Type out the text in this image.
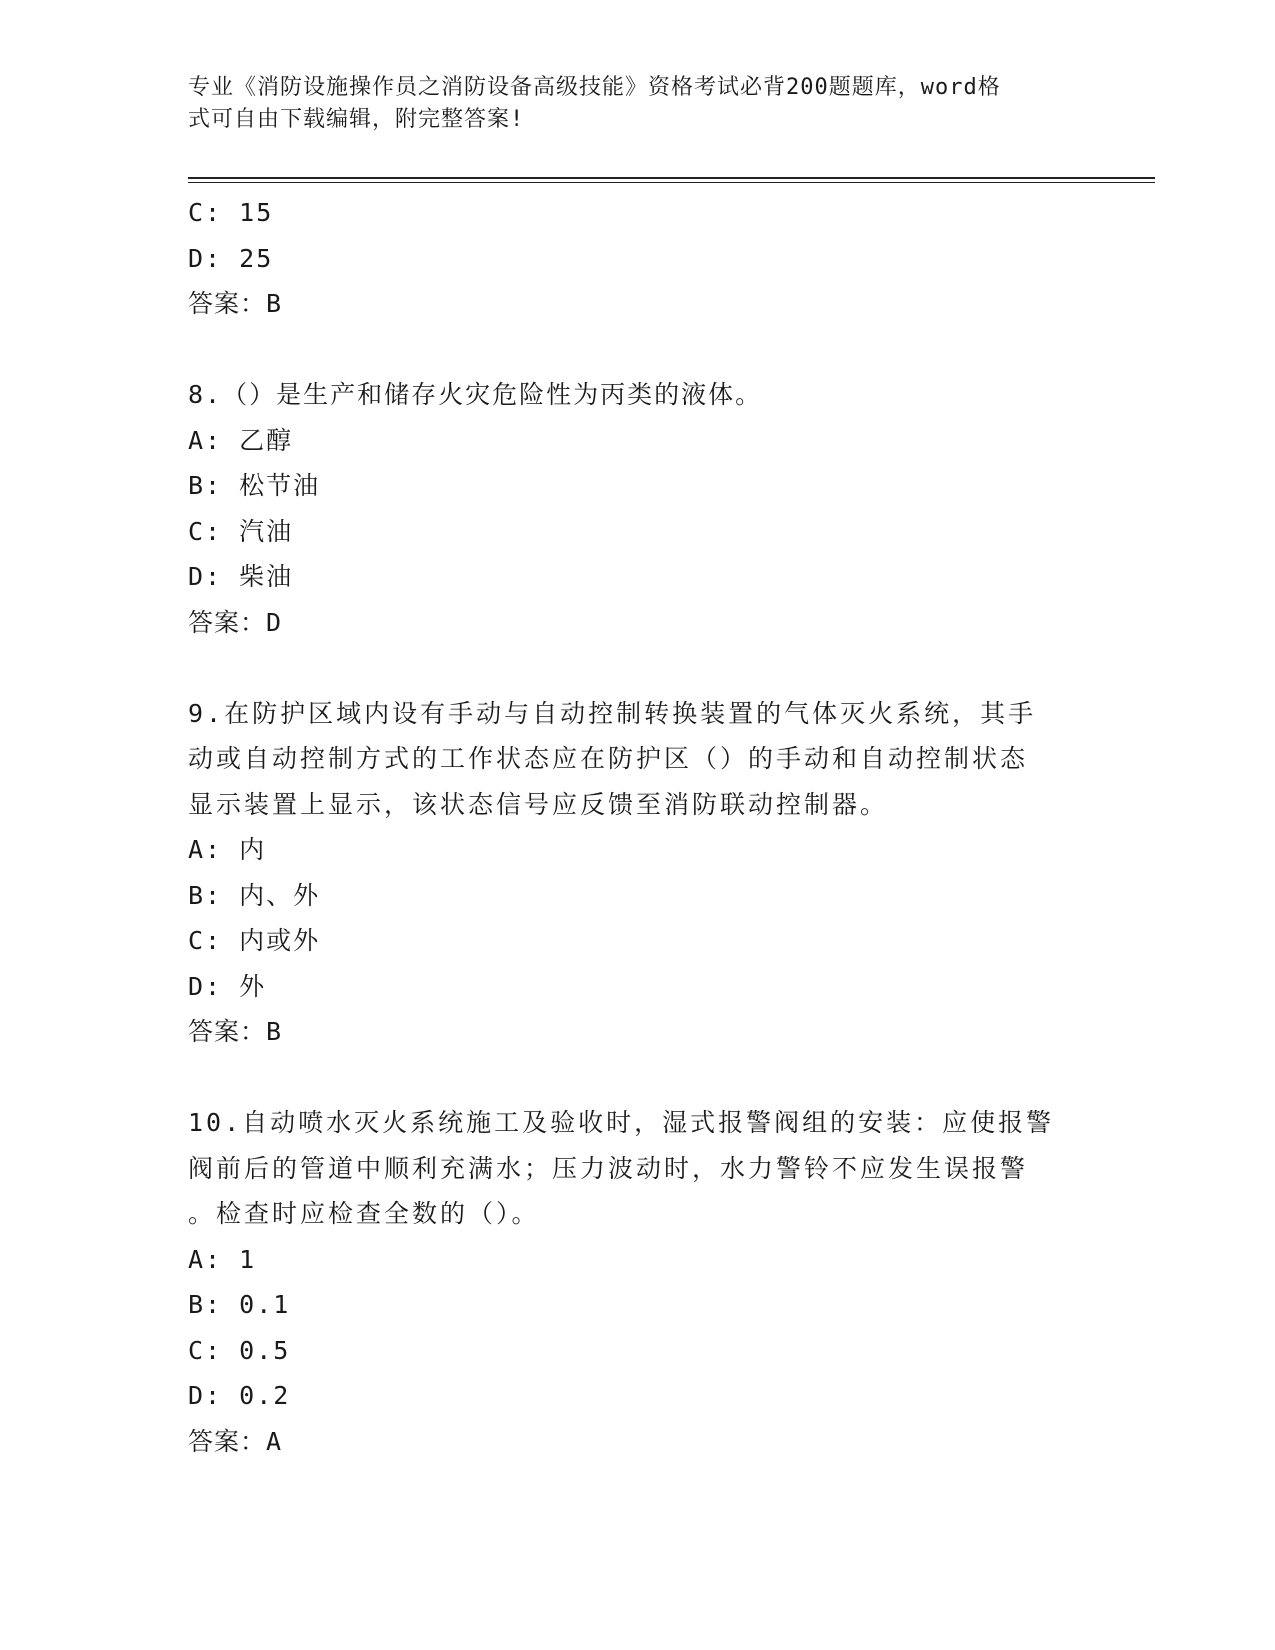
专业《消防设施操作员之消防设备高级技能》资格考试必背200题题库，word格
式可自由下载编辑，附完整答案!
C: 15
D: 25
答案：B
8.（）是生产和储存火灾危险性为丙类的液体。
A: 乙醇
B: 松节油
C: 汽油
D: 柴油
答案：D
9.在防护区域内设有手动与自动控制转换装置的气体灭火系统，其手
动或自动控制方式的工作状态应在防护区（）的手动和自动控制状态
显示装置上显示，该状态信号应反馈至消防联动控制器。
A: 内
B: 内、外
C: 内或外
D: 外
答案：B
10.自动喷水灭火系统施工及验收时，湿式报警阀组的安装：应使报警
阀前后的管道中顺利充满水；压力波动时，水力警铃不应发生误报警
。检查时应检查全数的（）。
A: 1
B: 0.1
C: 0.5
D: 0.2
答案：A
